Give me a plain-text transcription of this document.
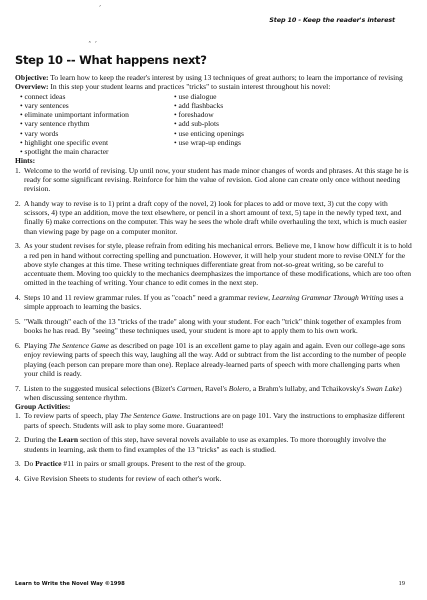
Step 10 - Keep the reader's interest
´
ˆ ´
Step 10 -- What happens next?

Objective: To learn how to keep the reader's interest by using 13 techniques of great authors; to learn the importance of revising

Overview: In this step your student learns and practices "tricks" to sustain interest throughout his novel:

• connect ideas
• vary sentences
• eliminate unimportant information
• vary sentence rhythm
• vary words
• highlight one specific event
• spotlight the main character
• use dialogue
• add flashbacks
• foreshadow
• add sub-plots
• use enticing openings
• use wrap-up endings

Hints:

1. Welcome to the world of revising. Up until now, your student has made minor changes of words and phrases. At this stage he is ready for some significant revising. Reinforce for him the value of revision. God alone can create only once without needing revision.
2. A handy way to revise is to 1) print a draft copy of the novel, 2) look for places to add or move text, 3) cut the copy with scissors, 4) type an addition, move the text elsewhere, or pencil in a short amount of text, 5) tape in the newly typed text, and finally 6) make corrections on the computer. This way he sees the whole draft while overhauling the text, which is much easier than viewing page by page on a computer monitor.
3. As your student revises for style, please refrain from editing his mechanical errors. Believe me, I know how difficult it is to hold a red pen in hand without correcting spelling and punctuation. However, it will help your student more to revise ONLY for the above style changes at this time. These writing techniques differentiate great from not-so-great writing, so be careful to accentuate them. Moving too quickly to the mechanics deemphasizes the importance of these modifications, which are too often omitted in the teaching of writing. Your chance to edit comes in the next step.
4. Steps 10 and 11 review grammar rules. If you as "coach" need a grammar review, Learning Grammar Through Writing uses a simple approach to learning the basics.
5. "Walk through" each of the 13 "tricks of the trade" along with your student. For each "trick" think together of examples from books he has read. By "seeing" these techniques used, your student is more apt to apply them to his own work.
6. Playing The Sentence Game as described on page 101 is an excellent game to play again and again. Even our college-age sons enjoy reviewing parts of speech this way, laughing all the way. Add or subtract from the list according to the number of people playing (each person can prepare more than one). Replace already-learned parts of speech with more challenging parts when your child is ready.
7. Listen to the suggested musical selections (Bizet's Carmen, Ravel's Bolero, a Brahm's lullaby, and Tchaikovsky's Swan Lake) when discussing sentence rhythm.

Group Activities:

1. To review parts of speech, play The Sentence Game. Instructions are on page 101. Vary the instructions to emphasize different parts of speech. Students will ask to play some more. Guaranteed!
2. During the Learn section of this step, have several novels available to use as examples. To more thoroughly involve the students in learning, ask them to find examples of the 13 "tricks" as each is studied.
3. Do Practice #11 in pairs or small groups. Present to the rest of the group.
4. Give Revision Sheets to students for review of each other's work.
Learn to Write the Novel Way ©1998	19
